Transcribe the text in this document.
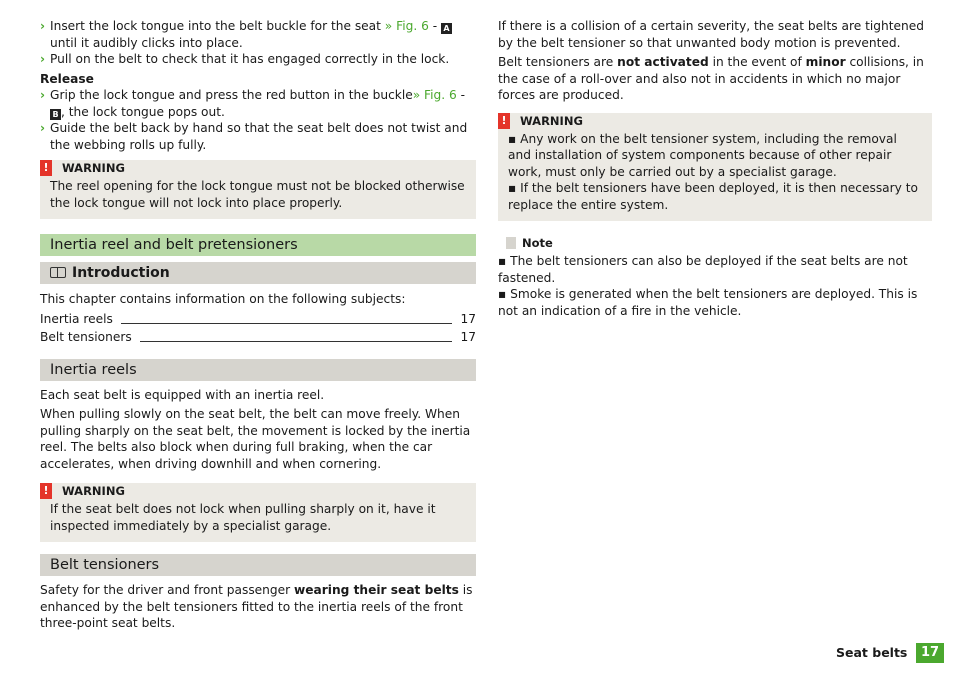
› Insert the lock tongue into the belt buckle for the seat » Fig. 6 - A until it audibly clicks into place.
› Pull on the belt to check that it has engaged correctly in the lock.
Release
› Grip the lock tongue and press the red button in the buckle» Fig. 6 - B , the lock tongue pops out.
› Guide the belt back by hand so that the seat belt does not twist and the webbing rolls up fully.
!	WARNING
The reel opening for the lock tongue must not be blocked otherwise the lock tongue will not lock into place properly.
Inertia reel and belt pretensioners
Introduction
This chapter contains information on the following subjects:
Inertia reels	17
Belt tensioners	17
Inertia reels
Each seat belt is equipped with an inertia reel.
When pulling slowly on the seat belt, the belt can move freely. When pulling sharply on the seat belt, the movement is locked by the inertia reel. The belts also block when during full braking, when the car accelerates, when driving downhill and when cornering.
!	WARNING
If the seat belt does not lock when pulling sharply on it, have it inspected immediately by a specialist garage.
Belt tensioners
Safety for the driver and front passenger wearing their seat belts is enhanced by the belt tensioners fitted to the inertia reels of the front three-point seat belts.
If there is a collision of a certain severity, the seat belts are tightened by the belt tensioner so that unwanted body motion is prevented.
Belt tensioners are not activated in the event of minor collisions, in the case of a roll-over and also not in accidents in which no major forces are produced.
!	WARNING
▪ Any work on the belt tensioner system, including the removal and installation of system components because of other repair work, must only be carried out by a specialist garage.
▪ If the belt tensioners have been deployed, it is then necessary to replace the entire system.
Note
▪ The belt tensioners can also be deployed if the seat belts are not fastened.
▪ Smoke is generated when the belt tensioners are deployed. This is not an indication of a fire in the vehicle.
Seat belts	17
